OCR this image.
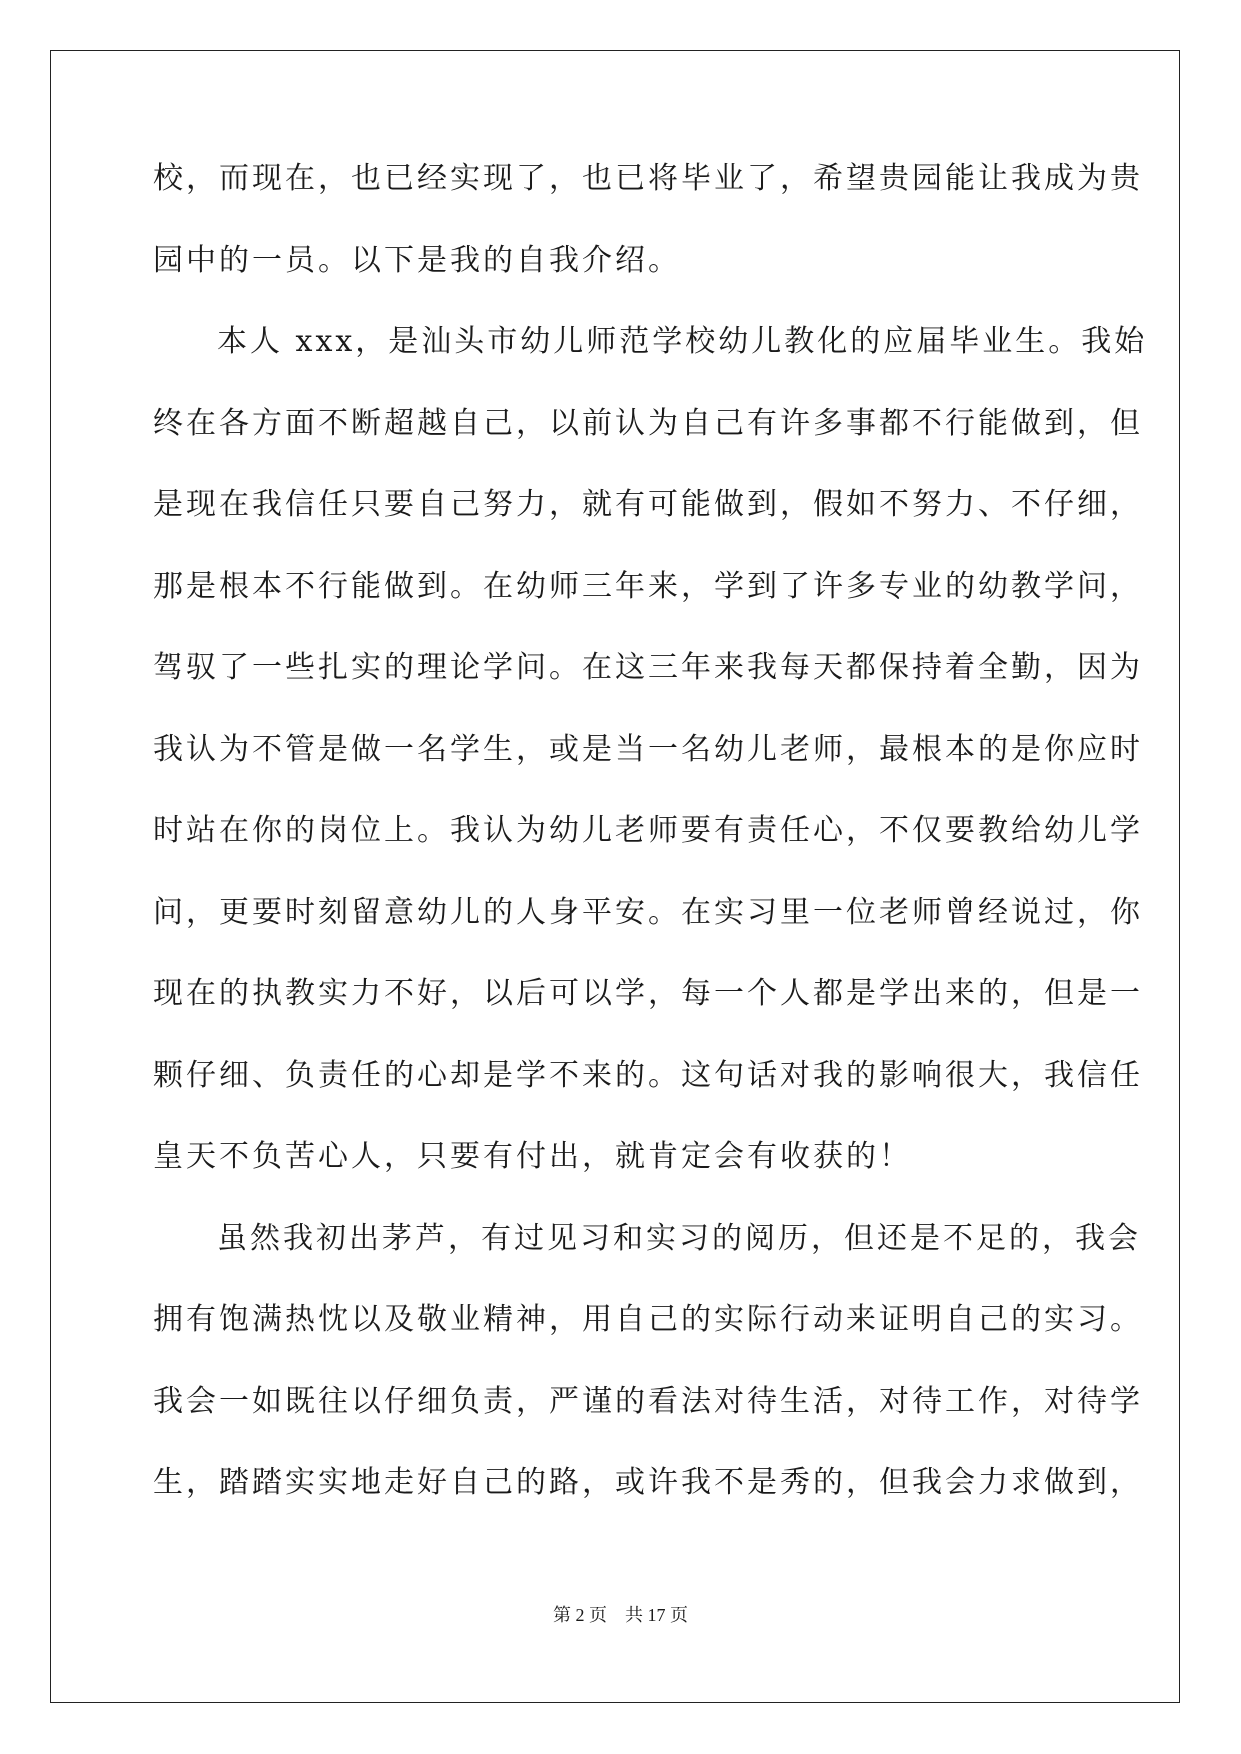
校，而现在，也已经实现了，也已将毕业了，希望贵园能让我成为贵
园中的一员。以下是我的自我介绍。
本人 xxx，是汕头市幼儿师范学校幼儿教化的应届毕业生。我始
终在各方面不断超越自己，以前认为自己有许多事都不行能做到，但
是现在我信任只要自己努力，就有可能做到，假如不努力、不仔细，
那是根本不行能做到。在幼师三年来，学到了许多专业的幼教学问，
驾驭了一些扎实的理论学问。在这三年来我每天都保持着全勤，因为
我认为不管是做一名学生，或是当一名幼儿老师，最根本的是你应时
时站在你的岗位上。我认为幼儿老师要有责任心，不仅要教给幼儿学
问，更要时刻留意幼儿的人身平安。在实习里一位老师曾经说过，你
现在的执教实力不好，以后可以学，每一个人都是学出来的，但是一
颗仔细、负责任的心却是学不来的。这句话对我的影响很大，我信任
皇天不负苦心人，只要有付出，就肯定会有收获的！
虽然我初出茅芦，有过见习和实习的阅历，但还是不足的，我会
拥有饱满热忱以及敬业精神，用自己的实际行动来证明自己的实习。
我会一如既往以仔细负责，严谨的看法对待生活，对待工作，对待学
生，踏踏实实地走好自己的路，或许我不是秀的，但我会力求做到，
第 2 页　共 17 页
